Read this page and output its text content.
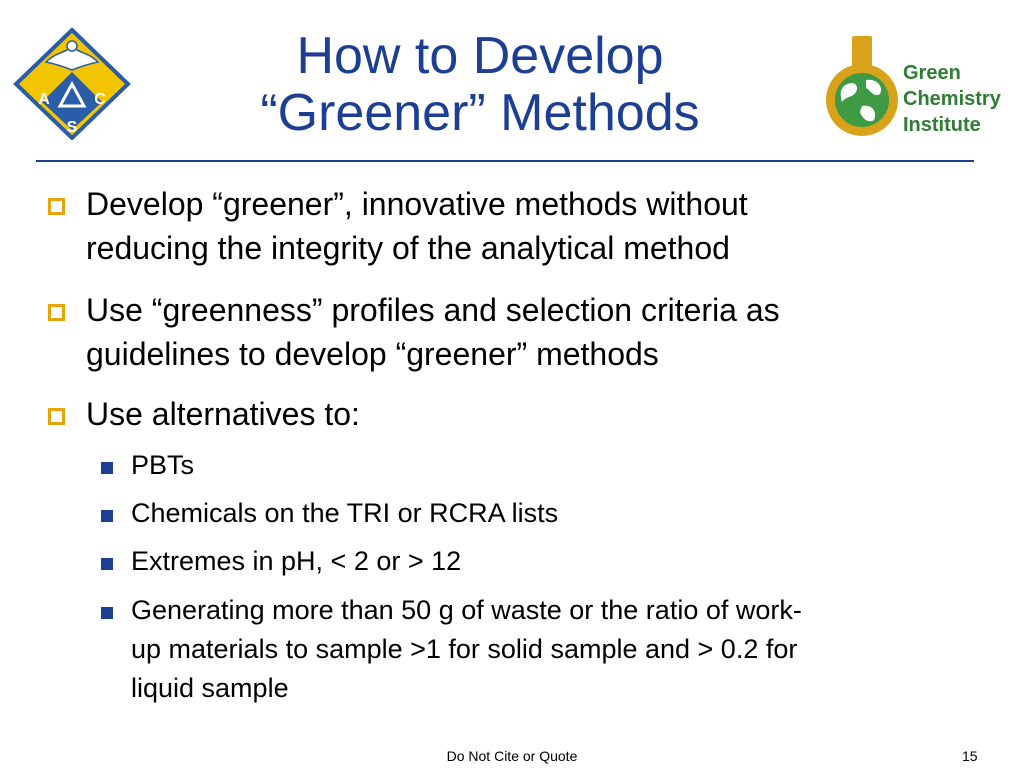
A	C
S
Green
Chemistry
Institute
How to Develop
“Greener” Methods
Develop “greener”, innovative methods without
reducing the integrity of the analytical method
Use “greenness” profiles and selection criteria as
guidelines to develop “greener” methods
Use alternatives to:
PBTs
Chemicals on the TRI or RCRA lists
Extremes in pH, < 2 or > 12
Generating more than 50 g of waste or the ratio of work-
up materials to sample >1 for solid sample and > 0.2 for
liquid sample
Do Not Cite or Quote	15
